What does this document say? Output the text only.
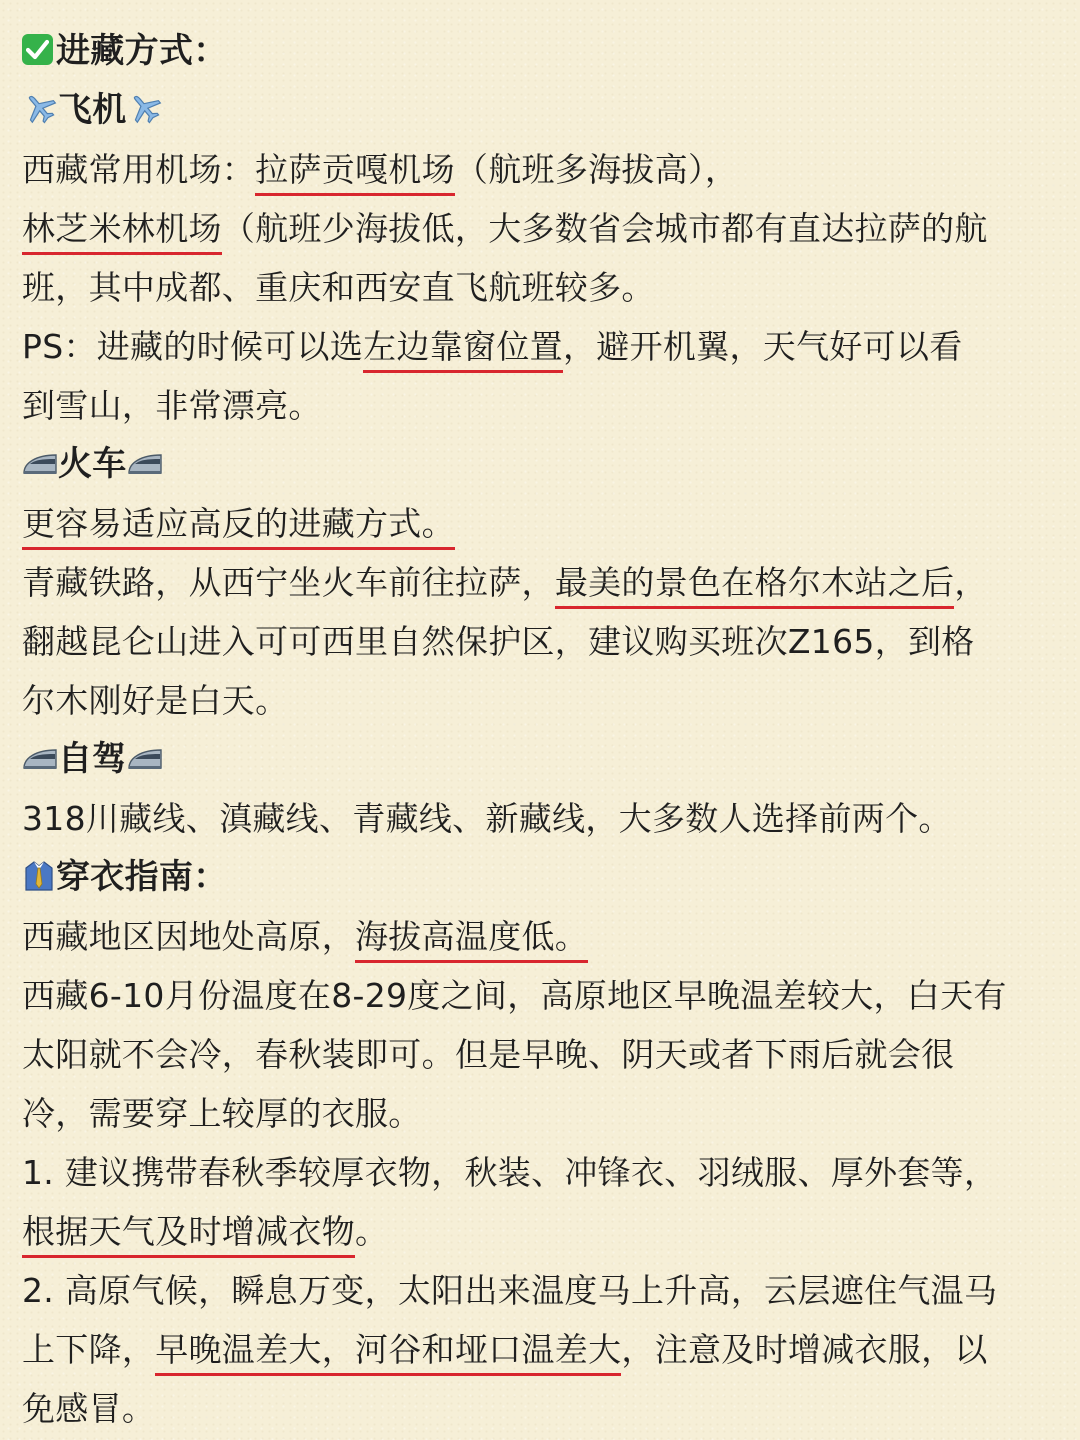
进藏方式：
飞机
西藏常用机场：拉萨贡嘎机场（航班多海拔高），
林芝米林机场（航班少海拔低，大多数省会城市都有直达拉萨的航
班，其中成都、重庆和西安直飞航班较多。
PS：进藏的时候可以选左边靠窗位置，避开机翼，天气好可以看
到雪山，非常漂亮。
火车
更容易适应高反的进藏方式。
青藏铁路，从西宁坐火车前往拉萨，最美的景色在格尔木站之后，
翻越昆仑山进入可可西里自然保护区，建议购买班次Z165，到格
尔木刚好是白天。
自驾
318川藏线、滇藏线、青藏线、新藏线，大多数人选择前两个。
穿衣指南：
西藏地区因地处高原，海拔高温度低。
西藏6-10月份温度在8-29度之间，高原地区早晚温差较大，白天有
太阳就不会冷，春秋装即可。但是早晚、阴天或者下雨后就会很
冷，需要穿上较厚的衣服。
1. 建议携带春秋季较厚衣物，秋装、冲锋衣、羽绒服、厚外套等，
根据天气及时增减衣物。
2. 高原气候，瞬息万变，太阳出来温度马上升高，云层遮住气温马
上下降，早晚温差大，河谷和垭口温差大，注意及时增减衣服，以
免感冒。
